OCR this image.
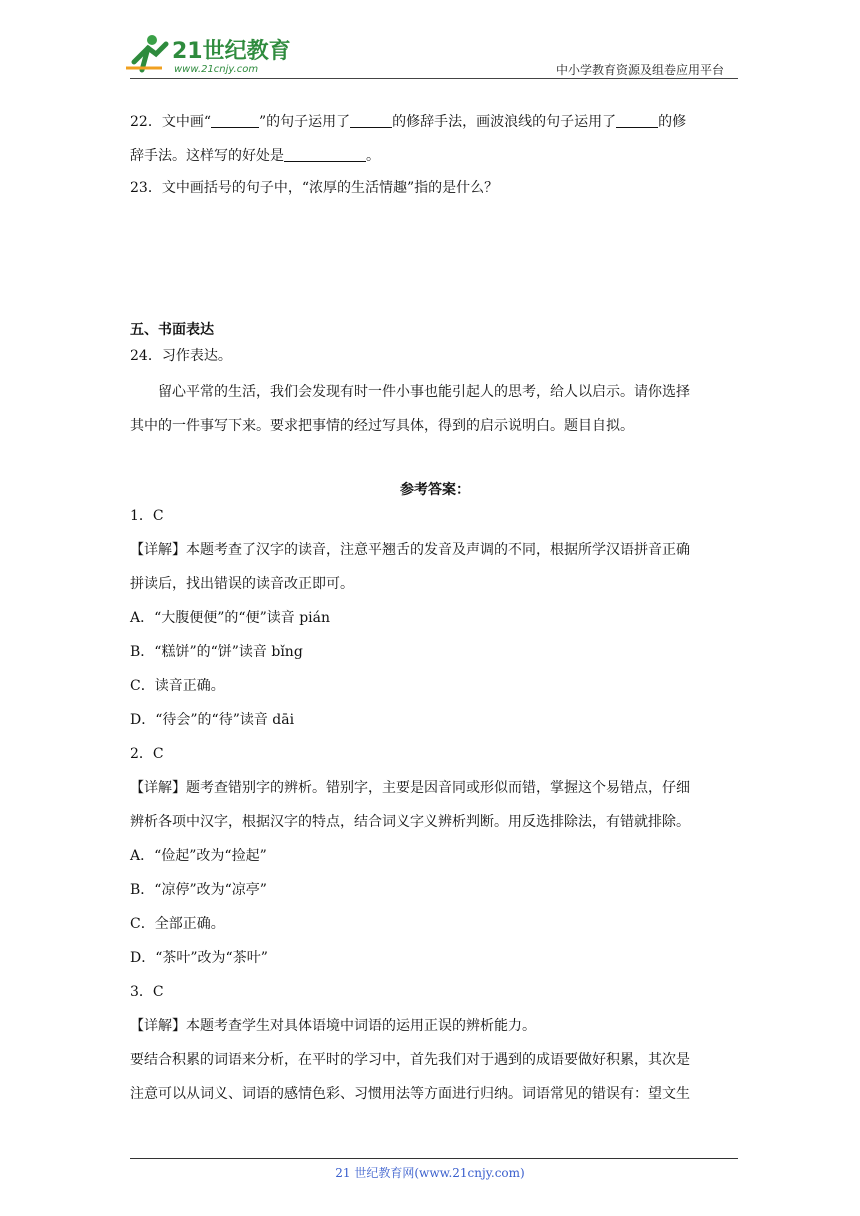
21世纪教育
www.21cnjy.com	中小学教育资源及组卷应用平台
22．文中画“	”的句子运用了	的修辞手法，画波浪线的句子运用了	的修
辞手法。这样写的好处是	。
23．文中画括号的句子中，“浓厚的生活情趣”指的是什么？
五、书面表达
24．习作表达。
留心平常的生活，我们会发现有时一件小事也能引起人的思考，给人以启示。请你选择
其中的一件事写下来。要求把事情的经过写具体，得到的启示说明白。题目自拟。
参考答案：
1．C
【详解】本题考查了汉字的读音，注意平翘舌的发音及声调的不同，根据所学汉语拼音正确
拼读后，找出错误的读音改正即可。
A．“大腹便便”的“便”读音 pián
B．“糕饼”的“饼”读音 bǐng
C．读音正确。
D．“待会”的“待”读音 dāi
2．C
【详解】题考查错别字的辨析。错别字，主要是因音同或形似而错，掌握这个易错点，仔细
辨析各项中汉字，根据汉字的特点，结合词义字义辨析判断。用反选排除法，有错就排除。
A．“俭起”改为“捡起”
B．“凉停”改为“凉亭”
C．全部正确。
D．“茶叶”改为“茶叶”
3．C
【详解】本题考查学生对具体语境中词语的运用正误的辨析能力。
要结合积累的词语来分析，在平时的学习中，首先我们对于遇到的成语要做好积累，其次是
注意可以从词义、词语的感情色彩、习惯用法等方面进行归纳。词语常见的错误有：望文生
21 世纪教育网(www.21cnjy.com)
